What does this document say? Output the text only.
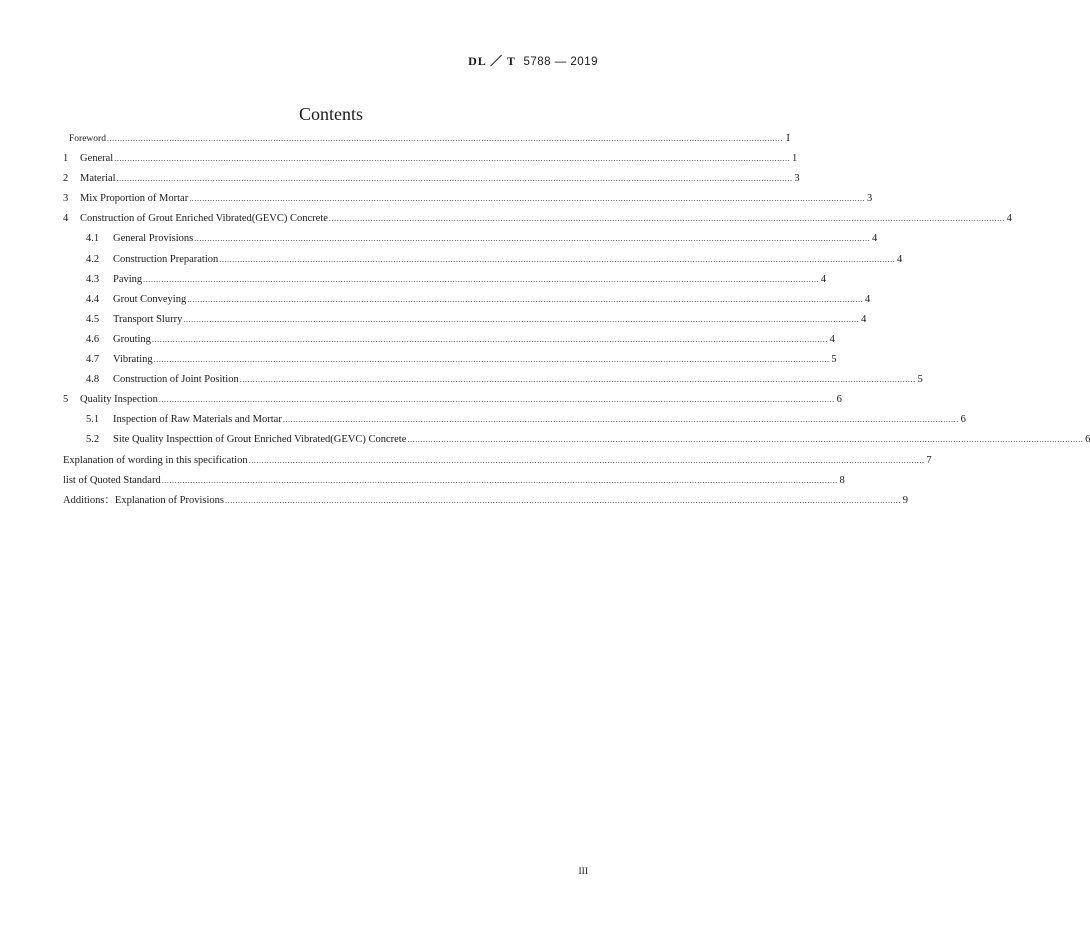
DL ／ T 5788 — 2019
Contents
Foreword .................................................................................................................................................................................................................................................................... Ⅰ
1	General .................................................................................................................................................................................................................................................................... 1
2	Material .................................................................................................................................................................................................................................................................... 3
3	Mix Proportion of Mortar .................................................................................................................................................................................................................................................................... 3
4	Construction of Grout Enriched Vibrated(GEVC) Concrete .................................................................................................................................................................................................................................................................... 4
4.1	General Provisions .................................................................................................................................................................................................................................................................... 4
4.2	Construction Preparation .................................................................................................................................................................................................................................................................... 4
4.3	Paving .................................................................................................................................................................................................................................................................... 4
4.4	Grout Conveying .................................................................................................................................................................................................................................................................... 4
4.5	Transport Slurry .................................................................................................................................................................................................................................................................... 4
4.6	Grouting .................................................................................................................................................................................................................................................................... 4
4.7	Vibrating .................................................................................................................................................................................................................................................................... 5
4.8	Construction of Joint Position .................................................................................................................................................................................................................................................................... 5
5	Quality Inspection .................................................................................................................................................................................................................................................................... 6
5.1	Inspection of Raw Materials and Mortar .................................................................................................................................................................................................................................................................... 6
5.2	Site Quality Inspecttion of Grout Enriched Vibrated(GEVC) Concrete .................................................................................................................................................................................................................................................................... 6
Explanation of wording in this specification .................................................................................................................................................................................................................................................................... 7
list of Quoted Standard .................................................................................................................................................................................................................................................................... 8
Additions：Explanation of Provisions .................................................................................................................................................................................................................................................................... 9
III
